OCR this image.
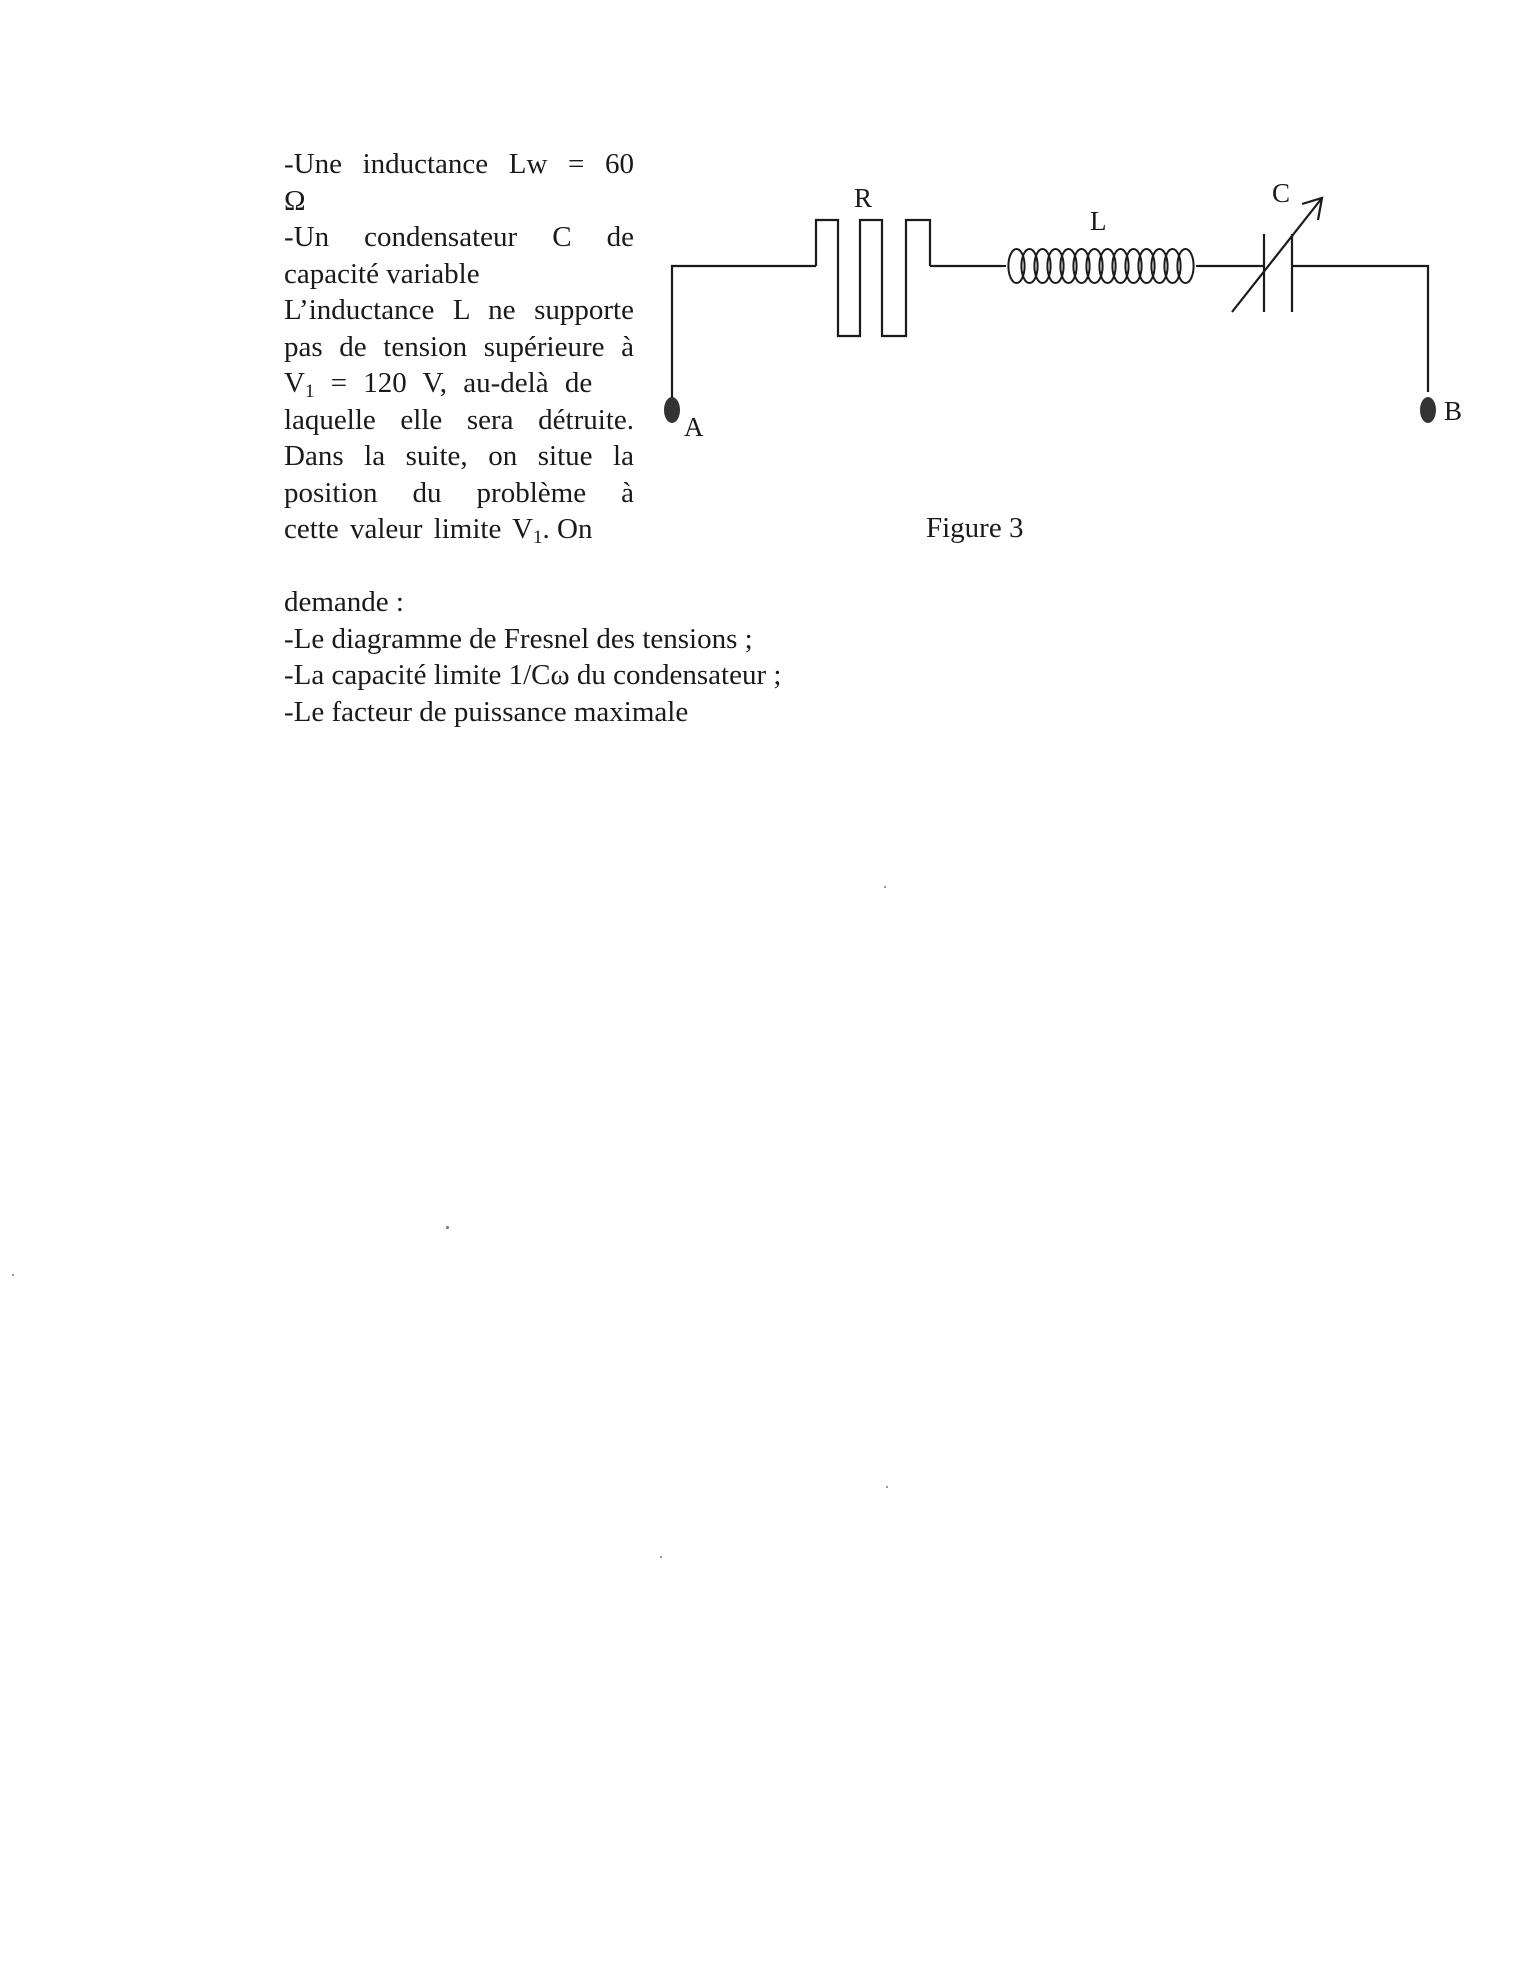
-Une inductance Lw = 60
Ω
-Un condensateur C de
capacité variable
L’inductance L ne supporte
pas de tension supérieure à
$V_1 = 120$ V, au-delà de
laquelle elle sera détruite.
Dans la suite, on situe la
position du problème à
cette valeur limite $V_1$. On
demande :
-Le diagramme de Fresnel des tensions ;
-La capacité limite 1/Cω du condensateur ;
-Le facteur de puissance maximale
R
L
C
A
B
Figure 3
